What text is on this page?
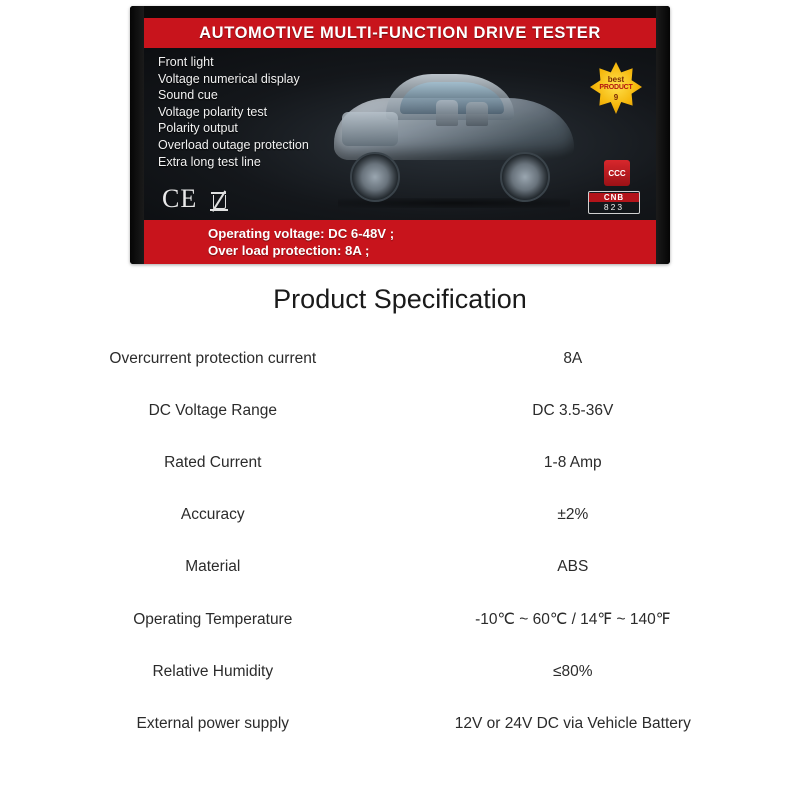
AUTOMOTIVE MULTI-FUNCTION DRIVE TESTER
Front light
Voltage numerical display
Sound cue
Voltage polarity test
Polarity output
Overload outage protection
Extra long test line
best
PRODUCT
9
CCC
CNB
823
CE
Operating voltage: DC 6-48V ;
Over load protection: 8A ;
Product Specification
Overcurrent protection current	8A
DC Voltage Range	DC 3.5-36V
Rated Current	1-8 Amp
Accuracy	±2%
Material	ABS
Operating Temperature	-10℃ ~ 60℃ / 14℉ ~ 140℉
Relative Humidity	≤80%
External power supply	12V or 24V DC via Vehicle Battery
